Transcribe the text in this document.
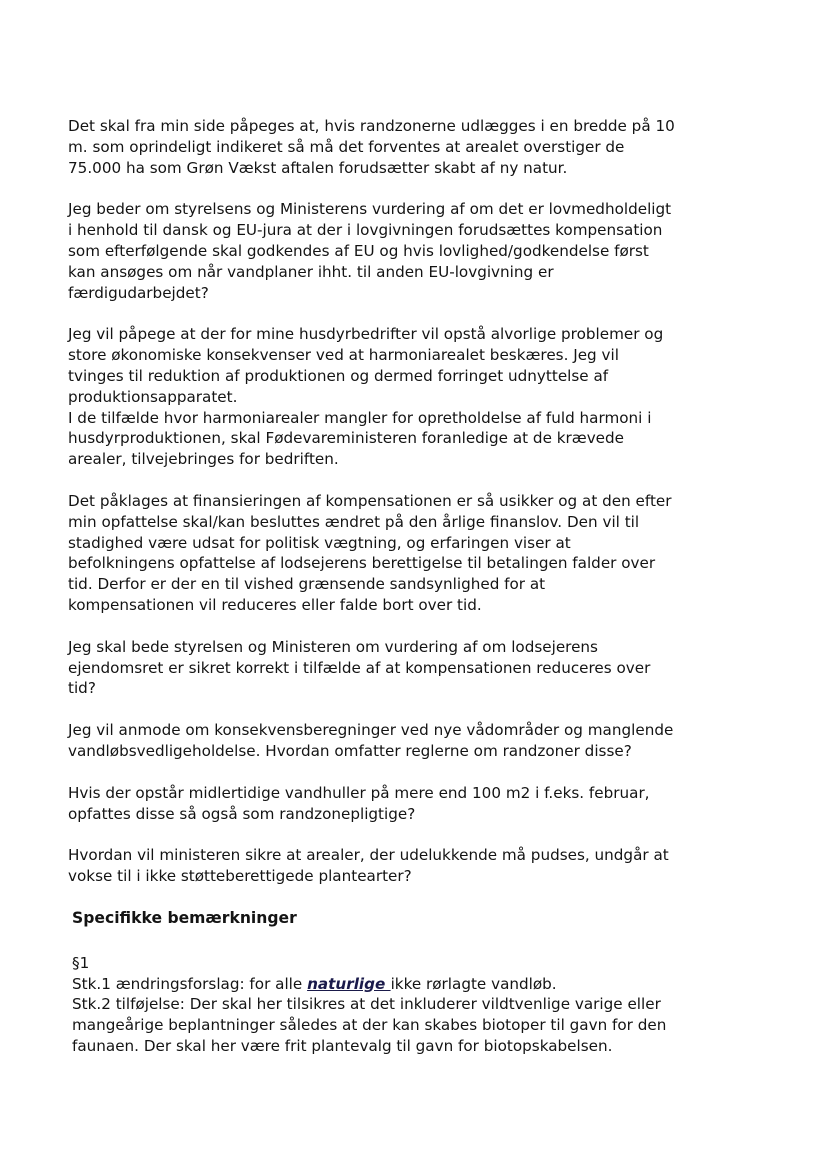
Det skal fra min side påpeges at, hvis randzonerne udlægges i en bredde på 10
m. som oprindeligt indikeret så må det forventes at arealet overstiger de
75.000 ha som Grøn Vækst aftalen forudsætter skabt af ny natur.

Jeg beder om styrelsens og Ministerens vurdering af om det er lovmedholdeligt
i henhold til dansk og EU-jura at der i lovgivningen forudsættes kompensation
som efterfølgende skal godkendes af EU og hvis lovlighed/godkendelse først
kan ansøges om når vandplaner ihht. til anden EU-lovgivning er
færdigudarbejdet?

Jeg vil påpege at der for mine husdyrbedrifter vil opstå alvorlige problemer og
store økonomiske konsekvenser ved at harmoniarealet beskæres. Jeg vil
tvinges til reduktion af produktionen og dermed forringet udnyttelse af
produktionsapparatet.
I de tilfælde hvor harmoniarealer mangler for opretholdelse af fuld harmoni i
husdyrproduktionen, skal Fødevareministeren foranledige at de krævede
arealer, tilvejebringes for bedriften.

Det påklages at finansieringen af kompensationen er så usikker og at den efter
min opfattelse skal/kan besluttes ændret på den årlige finanslov. Den vil til
stadighed være udsat for politisk vægtning, og erfaringen viser at
befolkningens opfattelse af lodsejerens berettigelse til betalingen falder over
tid. Derfor er der en til vished grænsende sandsynlighed for at
kompensationen vil reduceres eller falde bort over tid.

Jeg skal bede styrelsen og Ministeren om vurdering af om lodsejerens
ejendomsret er sikret korrekt i tilfælde af at kompensationen reduceres over
tid?

Jeg vil anmode om konsekvensberegninger ved nye vådområder og manglende
vandløbsvedligeholdelse. Hvordan omfatter reglerne om randzoner disse?

Hvis der opstår midlertidige vandhuller på mere end 100 m2 i f.eks. februar,
opfattes disse så også som randzonepligtige?

Hvordan vil ministeren sikre at arealer, der udelukkende må pudses, undgår at
vokse til i ikke støtteberettigede plantearter?

Specifikke bemærkninger
§1
Stk.1 ændringsforslag: for alle naturlige ikke rørlagte vandløb.
Stk.2 tilføjelse: Der skal her tilsikres at det inkluderer vildtvenlige varige eller
mangeårige beplantninger således at der kan skabes biotoper til gavn for den
faunaen. Der skal her være frit plantevalg til gavn for biotopskabelsen.
